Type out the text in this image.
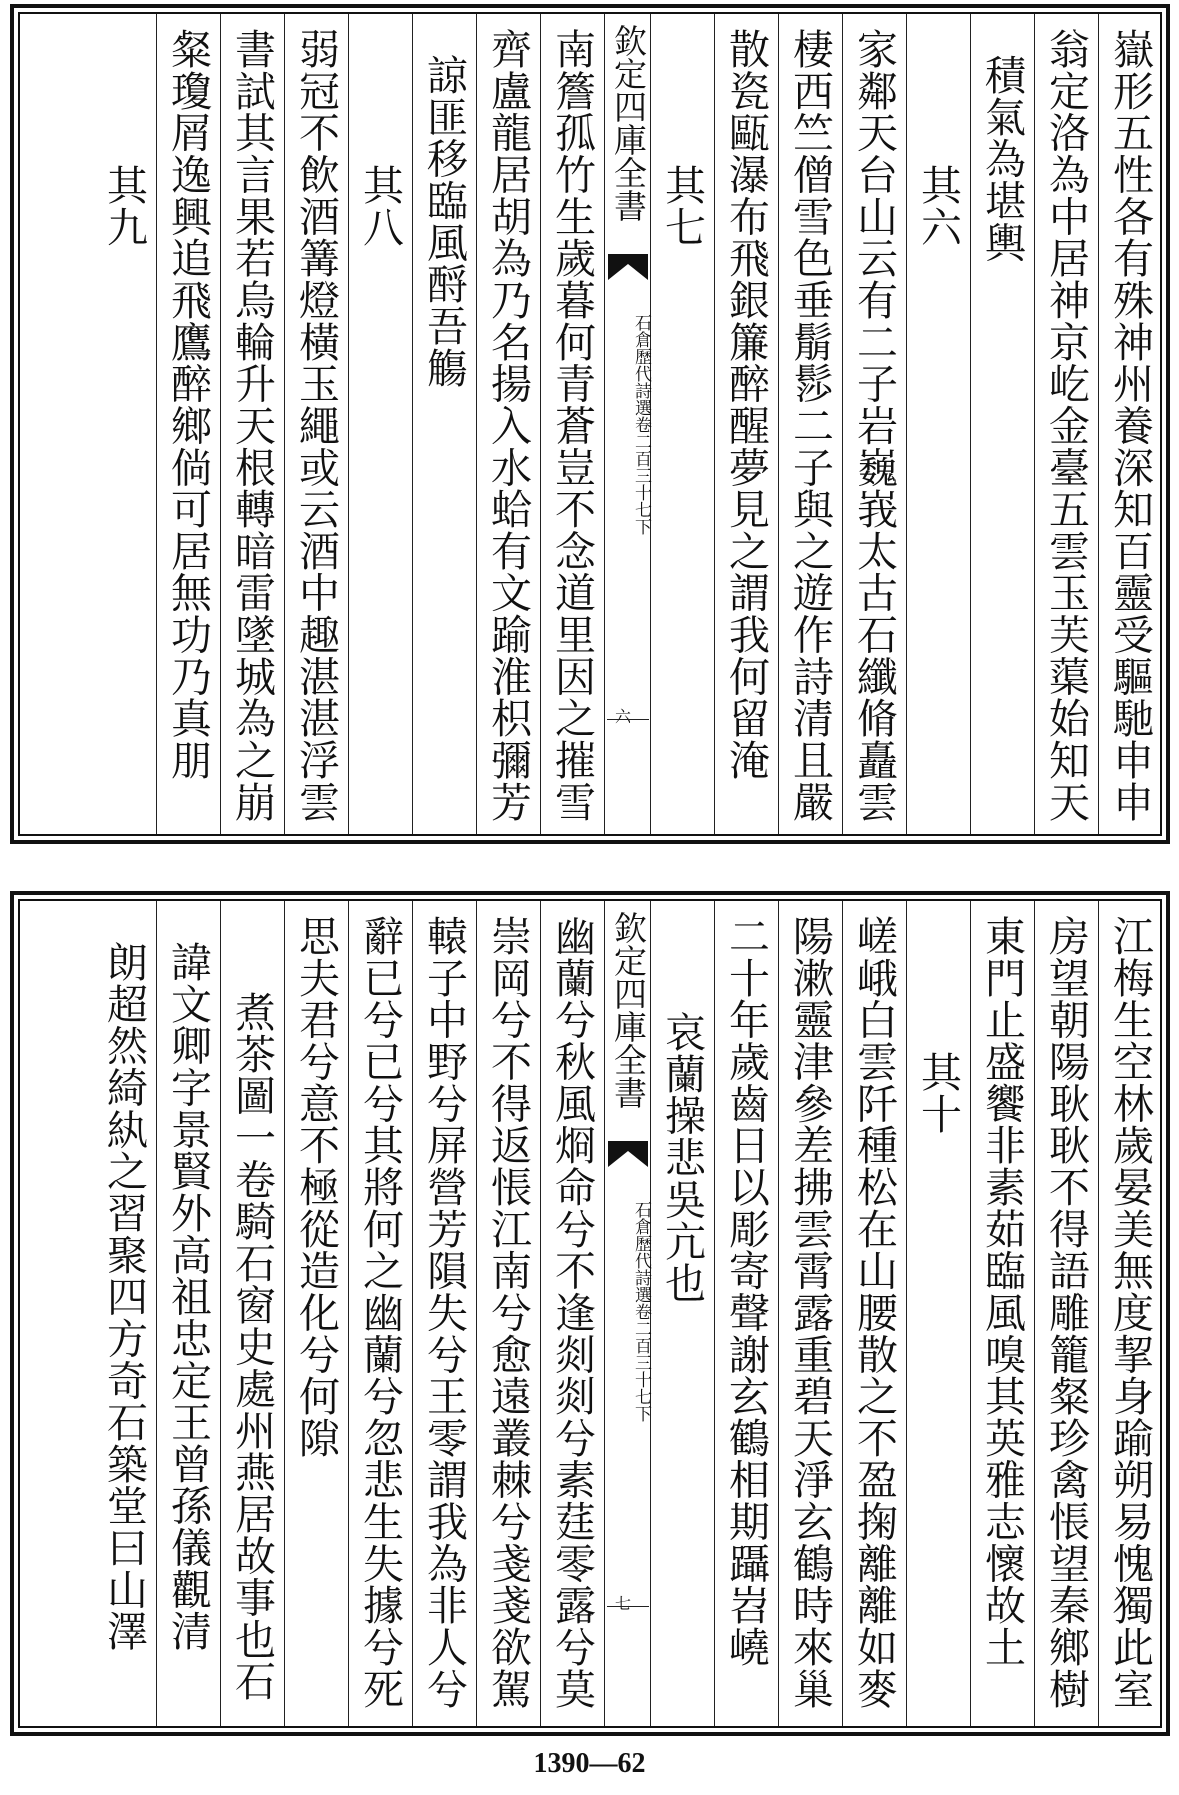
嶽形五性各有殊神州養深知百靈受驅馳申申
翁定洛為中居神京屹金臺五雲玉芙蕖始知天
積氣為堪輿
其六
家鄰天台山云有二子岩巍峩太古石纖脩矗雲
棲西竺僧雪色垂鬅髿二子與之遊作詩清且嚴
散瓷甌瀑布飛銀簾醉醒夢見之謂我何留淹
其七
欽定四庫全書
石倉歷代詩選卷二百三十七下
六
南簷孤竹生歲暮何青蒼豈不念道里因之摧雪
齊盧龍居胡為乃名揚入水蛤有文踰淮枳彌芳
諒匪移臨風酹吾觴
其八
弱冠不飲酒篝燈橫玉繩或云酒中趣湛湛浮雲
書試其言果若烏輪升天根轉暗雷墜城為之崩
粲瓊屑逸興追飛鷹醉鄉倘可居無功乃真朋
其九
江梅生空林歲晏美無度挈身踰朔易愧獨此室
房望朝陽耿耿不得語雕籠粲珍禽悵望秦鄉樹
東門止盛饗非素茹臨風嗅其英雅志懷故土
其十
嵯峨白雲阡種松在山腰散之不盈掬離離如麥
陽漱靈津參差拂雲霄露重碧天淨玄鶴時來巢
二十年歲齒日以彫寄聲謝玄鶴相期躡岧嶢
哀蘭操悲吳亢也
欽定四庫全書
石倉歷代詩選卷二百三十七下
七
幽蘭兮秋風烱命兮不逢剡剡兮素莛零露兮莫
崇岡兮不得返悵江南兮愈遠叢棘兮戔戔欲駕
轅子中野兮屏營芳隕失兮王零謂我為非人兮
辭已兮已兮其將何之幽蘭兮忽悲生失據兮死
思夫君兮意不極從造化兮何隙
煮茶圖一卷騎石窗史處州燕居故事也石
諱文卿字景賢外高祖忠定王曾孫儀觀清
朗超然綺紈之習聚四方奇石築堂曰山澤
1390—62
